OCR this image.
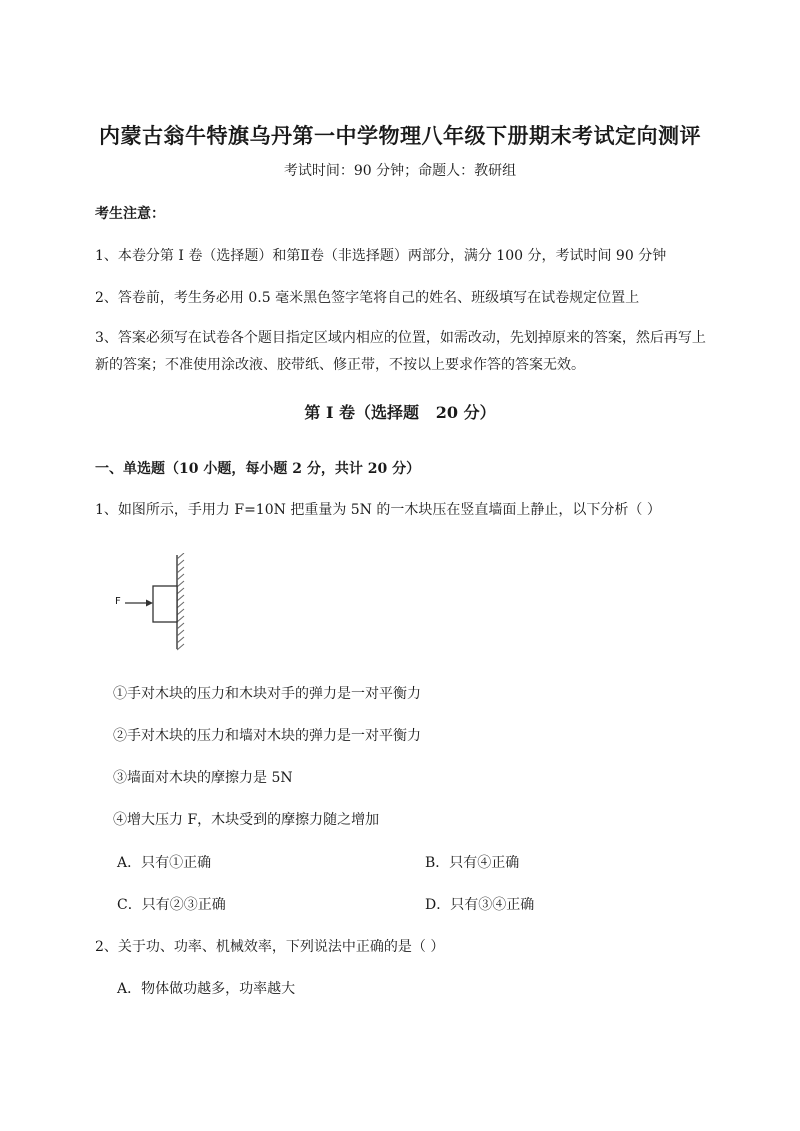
内蒙古翁牛特旗乌丹第一中学物理八年级下册期末考试定向测评
考试时间：90 分钟；命题人：教研组
考生注意：
1、本卷分第 I 卷（选择题）和第Ⅱ卷（非选择题）两部分，满分 100 分，考试时间 90 分钟
2、答卷前，考生务必用 0.5 毫米黑色签字笔将自己的姓名、班级填写在试卷规定位置上
3、答案必须写在试卷各个题目指定区域内相应的位置，如需改动，先划掉原来的答案，然后再写上新的答案；不准使用涂改液、胶带纸、修正带，不按以上要求作答的答案无效。
第 I 卷（选择题   20 分）
一、单选题（10 小题，每小题 2 分，共计 20 分）
1、如图所示，手用力 F=10N 把重量为 5N 的一木块压在竖直墙面上静止，以下分析（ ）
F
①手对木块的压力和木块对手的弹力是一对平衡力
②手对木块的压力和墙对木块的弹力是一对平衡力
③墙面对木块的摩擦力是 5N
④增大压力 F，木块受到的摩擦力随之增加
A．只有①正确	B．只有④正确
C．只有②③正确	D．只有③④正确
2、关于功、功率、机械效率，下列说法中正确的是（ ）
A．物体做功越多，功率越大
